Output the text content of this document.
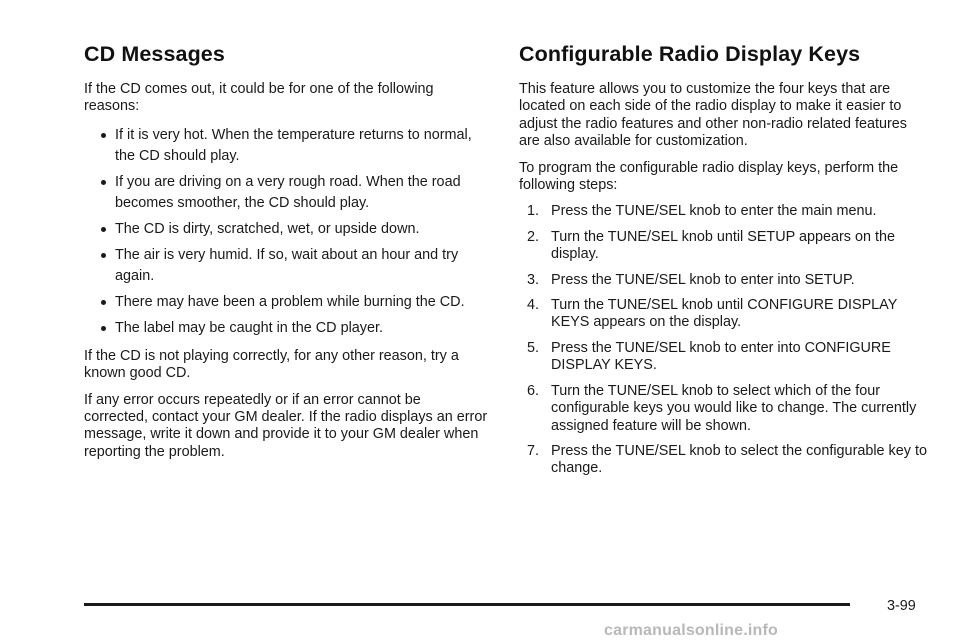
CD Messages

If the CD comes out, it could be for one of the following reasons:

If it is very hot. When the temperature returns to normal, the CD should play.
If you are driving on a very rough road. When the road becomes smoother, the CD should play.
The CD is dirty, scratched, wet, or upside down.
The air is very humid. If so, wait about an hour and try again.
There may have been a problem while burning the CD.
The label may be caught in the CD player.

If the CD is not playing correctly, for any other reason, try a known good CD.

If any error occurs repeatedly or if an error cannot be corrected, contact your GM dealer. If the radio displays an error message, write it down and provide it to your GM dealer when reporting the problem.

Configurable Radio Display Keys

This feature allows you to customize the four keys that are located on each side of the radio display to make it easier to adjust the radio features and other non-radio related features are also available for customization.

To program the configurable radio display keys, perform the following steps:

1. Press the TUNE/SEL knob to enter the main menu.
2. Turn the TUNE/SEL knob until SETUP appears on the display.
3. Press the TUNE/SEL knob to enter into SETUP.
4. Turn the TUNE/SEL knob until CONFIGURE DISPLAY KEYS appears on the display.
5. Press the TUNE/SEL knob to enter into CONFIGURE DISPLAY KEYS.
6. Turn the TUNE/SEL knob to select which of the four configurable keys you would like to change. The currently assigned feature will be shown.
7. Press the TUNE/SEL knob to select the configurable key to change.
3-99
carmanualsonline.info
